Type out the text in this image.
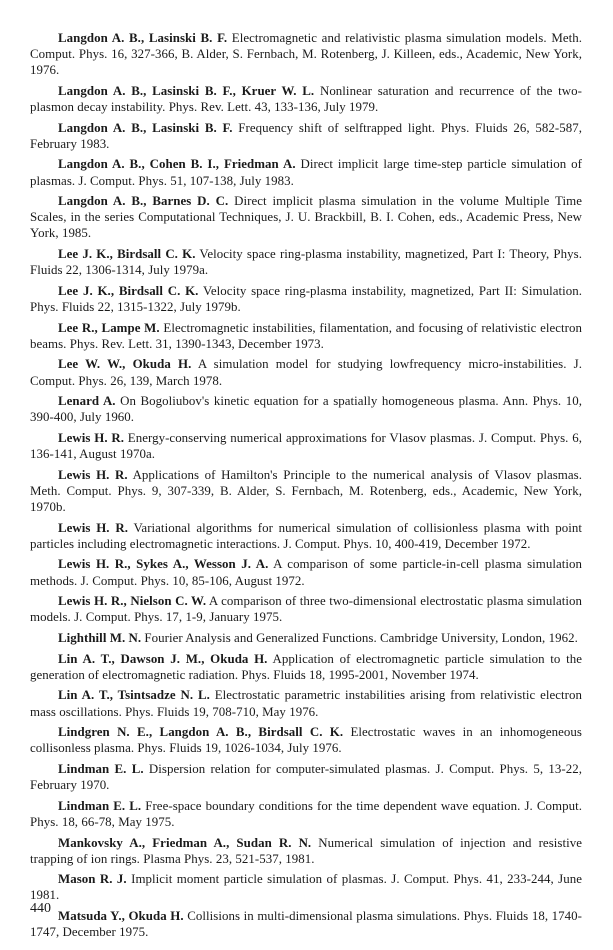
Langdon A. B., Lasinski B. F. Electromagnetic and relativistic plasma simulation models. Meth. Comput. Phys. 16, 327-366, B. Alder, S. Fernbach, M. Rotenberg, J. Killeen, eds., Academic, New York, 1976.

Langdon A. B., Lasinski B. F., Kruer W. L. Nonlinear saturation and recurrence of the two-plasmon decay instability. Phys. Rev. Lett. 43, 133-136, July 1979.

Langdon A. B., Lasinski B. F. Frequency shift of selftrapped light. Phys. Fluids 26, 582-587, February 1983.

Langdon A. B., Cohen B. I., Friedman A. Direct implicit large time-step particle simulation of plasmas. J. Comput. Phys. 51, 107-138, July 1983.

Langdon A. B., Barnes D. C. Direct implicit plasma simulation in the volume Multiple Time Scales, in the series Computational Techniques, J. U. Brackbill, B. I. Cohen, eds., Academic Press, New York, 1985.

Lee J. K., Birdsall C. K. Velocity space ring-plasma instability, magnetized, Part I: Theory, Phys. Fluids 22, 1306-1314, July 1979a.

Lee J. K., Birdsall C. K. Velocity space ring-plasma instability, magnetized, Part II: Simulation. Phys. Fluids 22, 1315-1322, July 1979b.

Lee R., Lampe M. Electromagnetic instabilities, filamentation, and focusing of relativistic electron beams. Phys. Rev. Lett. 31, 1390-1343, December 1973.

Lee W. W., Okuda H. A simulation model for studying lowfrequency micro-instabilities. J. Comput. Phys. 26, 139, March 1978.

Lenard A. On Bogoliubov's kinetic equation for a spatially homogeneous plasma. Ann. Phys. 10, 390-400, July 1960.

Lewis H. R. Energy-conserving numerical approximations for Vlasov plasmas. J. Comput. Phys. 6, 136-141, August 1970a.

Lewis H. R. Applications of Hamilton's Principle to the numerical analysis of Vlasov plasmas. Meth. Comput. Phys. 9, 307-339, B. Alder, S. Fernbach, M. Rotenberg, eds., Academic, New York, 1970b.

Lewis H. R. Variational algorithms for numerical simulation of collisionless plasma with point particles including electromagnetic interactions. J. Comput. Phys. 10, 400-419, December 1972.

Lewis H. R., Sykes A., Wesson J. A. A comparison of some particle-in-cell plasma simulation methods. J. Comput. Phys. 10, 85-106, August 1972.

Lewis H. R., Nielson C. W. A comparison of three two-dimensional electrostatic plasma simulation models. J. Comput. Phys. 17, 1-9, January 1975.

Lighthill M. N. Fourier Analysis and Generalized Functions. Cambridge University, London, 1962.

Lin A. T., Dawson J. M., Okuda H. Application of electromagnetic particle simulation to the generation of electromagnetic radiation. Phys. Fluids 18, 1995-2001, November 1974.

Lin A. T., Tsintsadze N. L. Electrostatic parametric instabilities arising from relativistic electron mass oscillations. Phys. Fluids 19, 708-710, May 1976.

Lindgren N. E., Langdon A. B., Birdsall C. K. Electrostatic waves in an inhomogeneous collisonless plasma. Phys. Fluids 19, 1026-1034, July 1976.

Lindman E. L. Dispersion relation for computer-simulated plasmas. J. Comput. Phys. 5, 13-22, February 1970.

Lindman E. L. Free-space boundary conditions for the time dependent wave equation. J. Comput. Phys. 18, 66-78, May 1975.

Mankovsky A., Friedman A., Sudan R. N. Numerical simulation of injection and resistive trapping of ion rings. Plasma Phys. 23, 521-537, 1981.

Mason R. J. Implicit moment particle simulation of plasmas. J. Comput. Phys. 41, 233-244, June 1981.

Matsuda Y., Okuda H. Collisions in multi-dimensional plasma simulations. Phys. Fluids 18, 1740-1747, December 1975.

440
